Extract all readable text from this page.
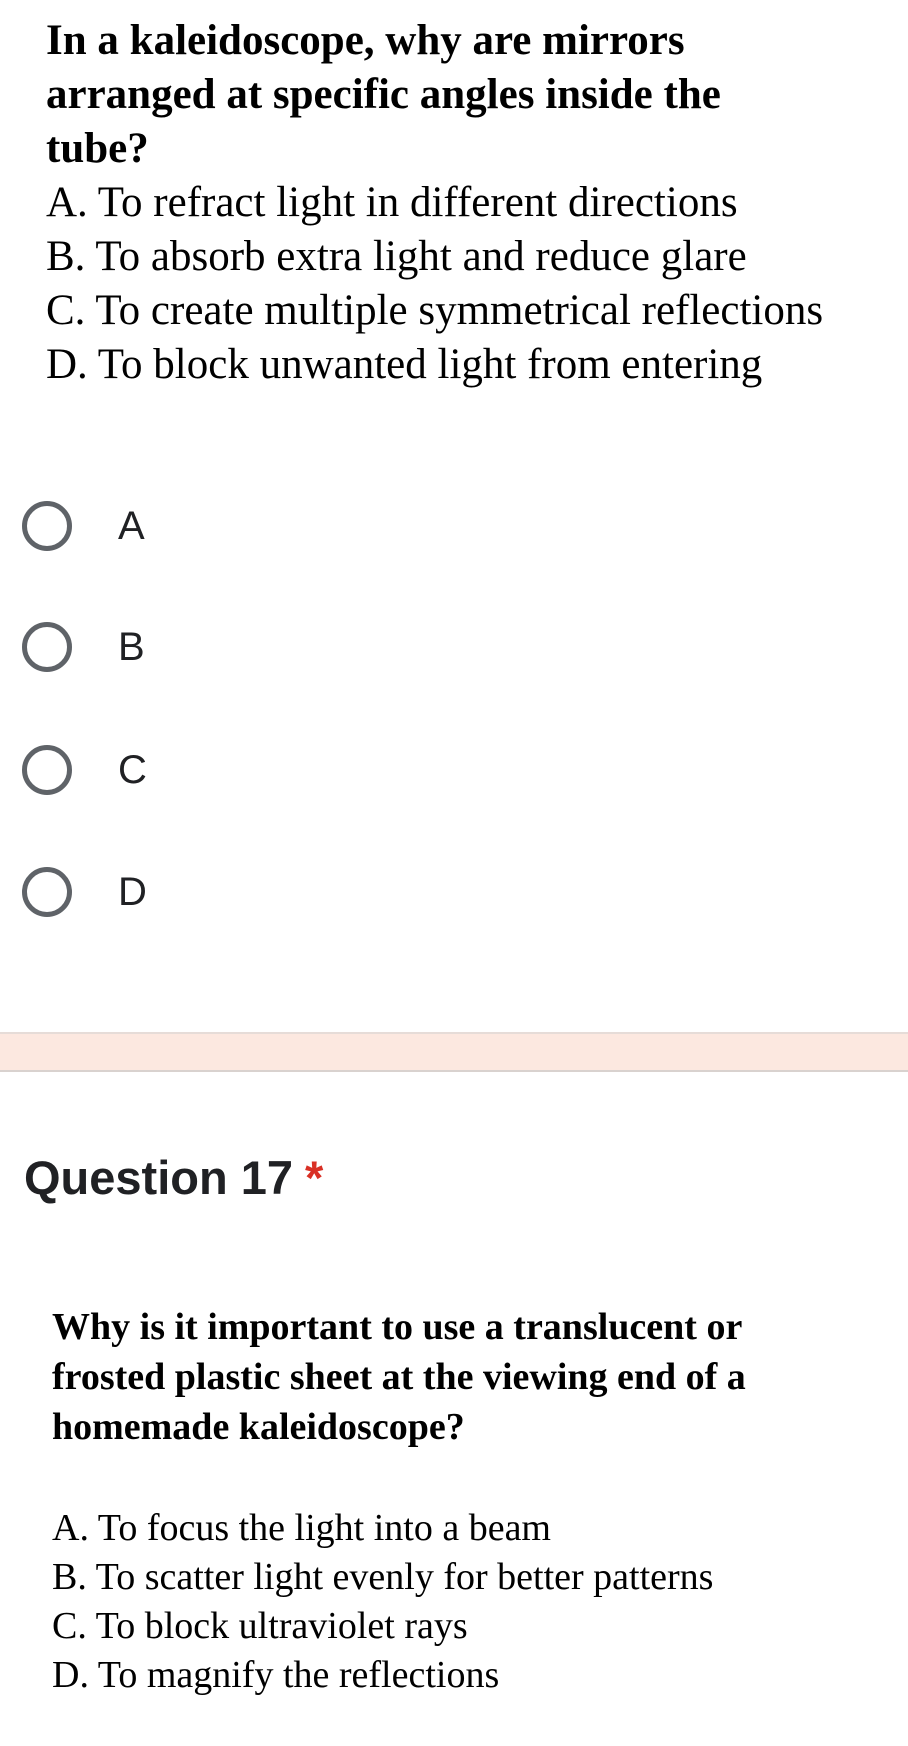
In a kaleidoscope, why are mirrors arranged at specific angles inside the tube?
A. To refract light in different directions
B. To absorb extra light and reduce glare
C. To create multiple symmetrical reflections
D. To block unwanted light from entering
A
B
C
D
Question 17 *
Why is it important to use a translucent or frosted plastic sheet at the viewing end of a homemade kaleidoscope?
A. To focus the light into a beam
B. To scatter light evenly for better patterns
C. To block ultraviolet rays
D. To magnify the reflections
